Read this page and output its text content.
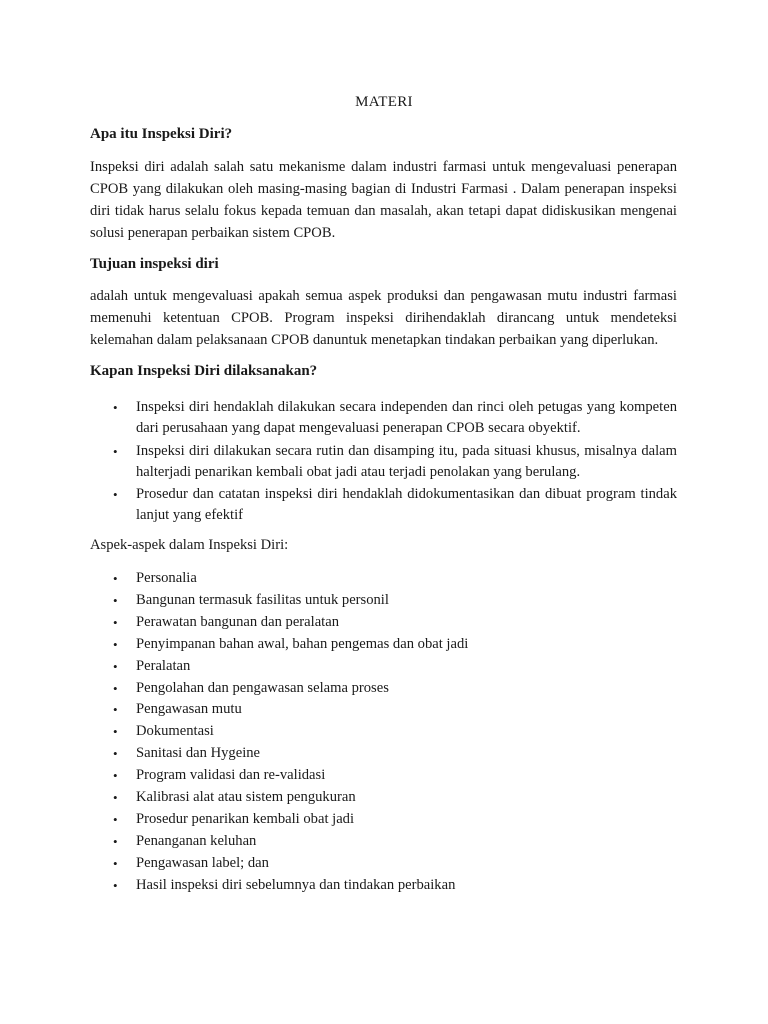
MATERI
Apa itu Inspeksi Diri?
Inspeksi diri adalah salah satu mekanisme dalam industri farmasi untuk mengevaluasi penerapan CPOB yang dilakukan oleh masing-masing bagian di Industri Farmasi . Dalam penerapan inspeksi diri tidak harus selalu fokus kepada temuan dan masalah, akan tetapi dapat didiskusikan mengenai solusi penerapan perbaikan sistem CPOB.
Tujuan inspeksi diri
adalah untuk mengevaluasi apakah semua aspek produksi dan pengawasan mutu industri farmasi memenuhi ketentuan CPOB. Program inspeksi dirihendaklah dirancang untuk mendeteksi kelemahan dalam pelaksanaan CPOB danuntuk menetapkan tindakan perbaikan yang diperlukan.
Kapan Inspeksi Diri dilaksanakan?
• Inspeksi diri hendaklah dilakukan secara independen dan rinci oleh petugas yang kompeten dari perusahaan yang dapat mengevaluasi penerapan CPOB secara obyektif.
• Inspeksi diri dilakukan secara rutin dan disamping itu, pada situasi khusus, misalnya dalam halterjadi penarikan kembali obat jadi atau terjadi penolakan yang berulang.
• Prosedur dan catatan inspeksi diri hendaklah didokumentasikan dan dibuat program tindak lanjut yang efektif
Aspek-aspek dalam Inspeksi Diri:
• Personalia
• Bangunan termasuk fasilitas untuk personil
• Perawatan bangunan dan peralatan
• Penyimpanan bahan awal, bahan pengemas dan obat jadi
• Peralatan
• Pengolahan dan pengawasan selama proses
• Pengawasan mutu
• Dokumentasi
• Sanitasi dan Hygeine
• Program validasi dan re-validasi
• Kalibrasi alat atau sistem pengukuran
• Prosedur penarikan kembali obat jadi
• Penanganan keluhan
• Pengawasan label; dan
• Hasil inspeksi diri sebelumnya dan tindakan perbaikan
